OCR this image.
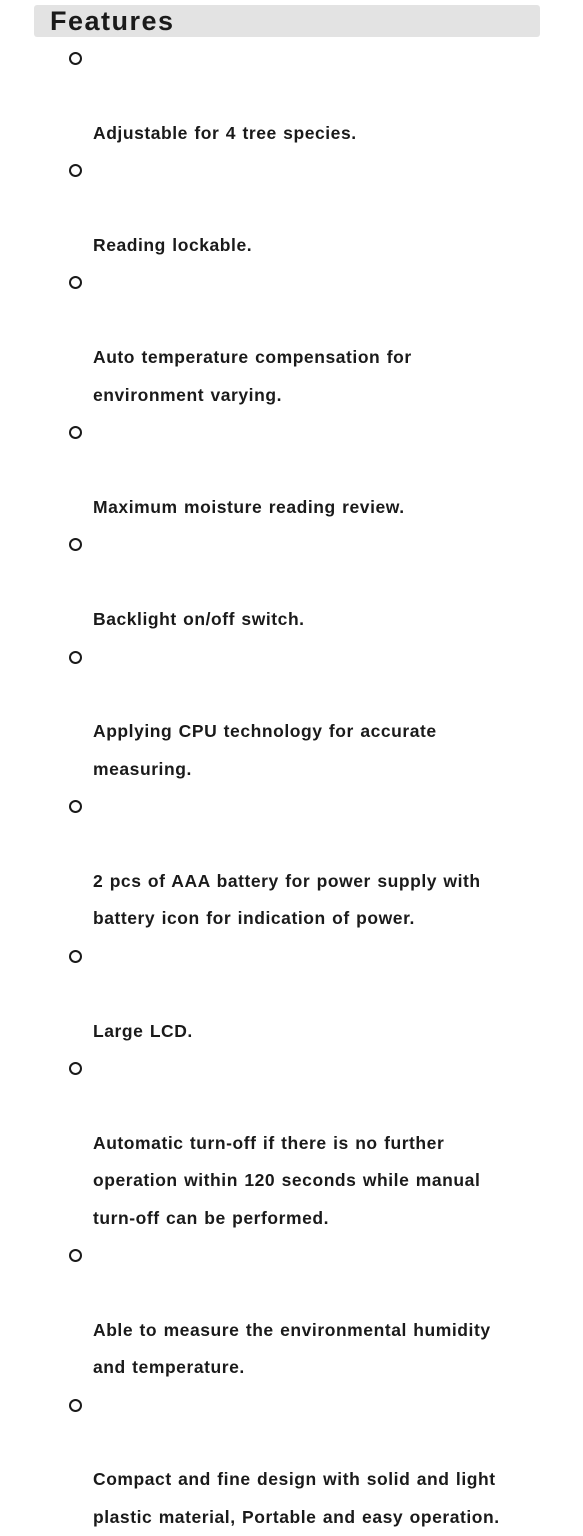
Features

Adjustable for 4 tree species.

Reading lockable.

Auto temperature compensation for
environment varying.

Maximum moisture reading review.

Backlight on/off switch.

Applying CPU technology for accurate
measuring.

2 pcs of AAA battery for power supply with
battery icon for indication of power.

Large LCD.

Automatic turn-off if there is no further
operation within 120 seconds while manual
turn-off can be performed.

Able to measure the environmental humidity
and temperature.

Compact and fine design with solid and light
plastic material, Portable and easy operation.
